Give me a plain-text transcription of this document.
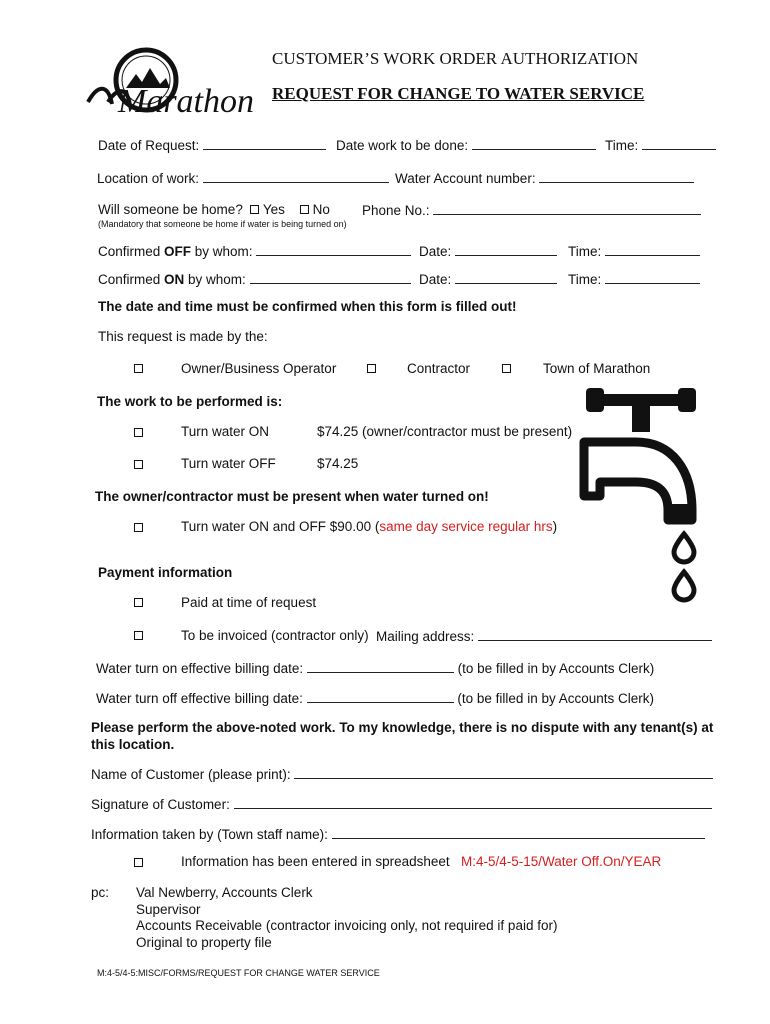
Marathon
CUSTOMER’S WORK ORDER AUTHORIZATION
REQUEST FOR CHANGE TO WATER SERVICE
Date of Request:	Date work to be done:	Time:
Location of work:	Water Account number:
Will someone be home? Yes No Phone No.:
(Mandatory that someone be home if water is being turned on)
Confirmed OFF by whom:	Date:	Time:
Confirmed ON by whom:	Date:	Time:
The date and time must be confirmed when this form is filled out!
This request is made by the:
Owner/Business Operator	Contractor	Town of Marathon
The work to be performed is:
Turn water ON	$74.25 (owner/contractor must be present)
Turn water OFF	$74.25
The owner/contractor must be present when water turned on!
Turn water ON and OFF $90.00 (same day service regular hrs)
Payment information
Paid at time of request
To be invoiced (contractor only) Mailing address:
Water turn on effective billing date:	(to be filled in by Accounts Clerk)
Water turn off effective billing date:	(to be filled in by Accounts Clerk)
Please perform the above-noted work. To my knowledge, there is no dispute with any tenant(s) at
this location.
Name of Customer (please print):
Signature of Customer:
Information taken by (Town staff name):
Information has been entered in spreadsheet M:4-5/4-5-15/Water Off.On/YEAR
pc: Val Newberry, Accounts Clerk
Supervisor
Accounts Receivable (contractor invoicing only, not required if paid for)
Original to property file
M:4-5/4-5:MISC/FORMS/REQUEST FOR CHANGE WATER SERVICE
